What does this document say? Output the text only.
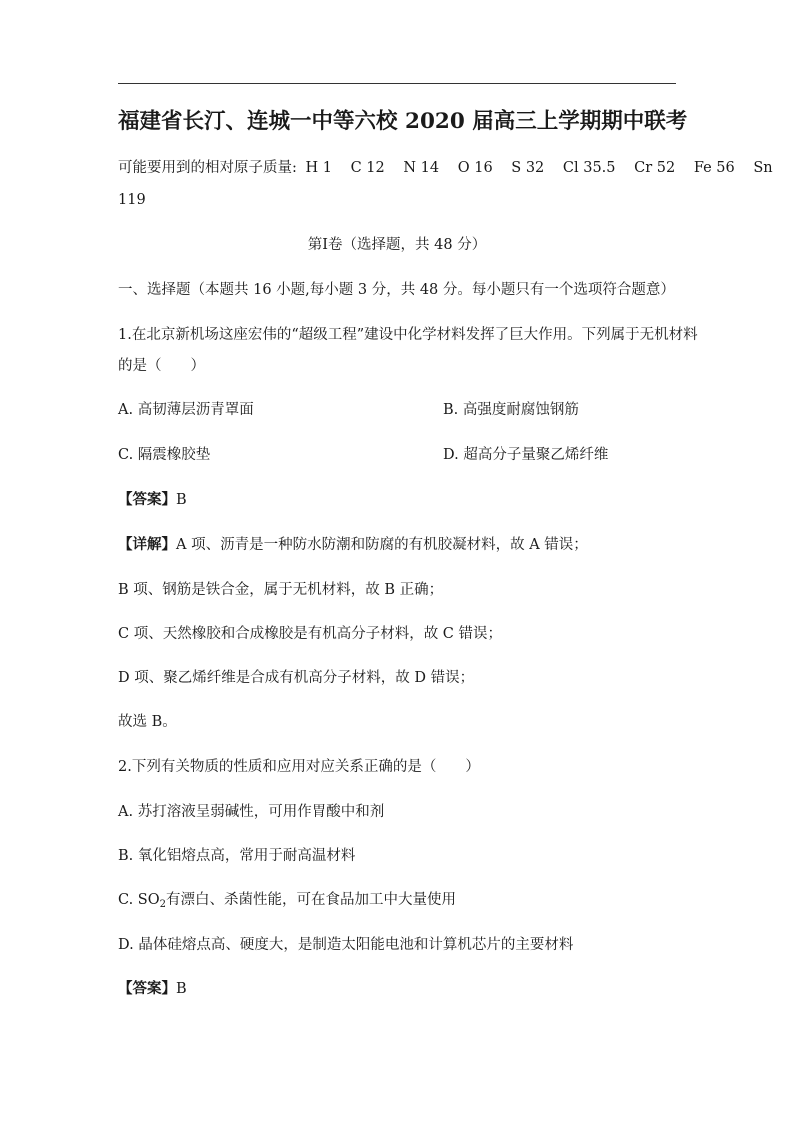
福建省长汀、连城一中等六校 2020 届高三上学期期中联考
可能要用到的相对原子质量: H 1 C 12 N 14 O 16 S 32 Cl 35.5 Cr 52 Fe 56 Sn
119
第Ⅰ卷（选择题，共 48 分）
一、选择题（本题共 16 小题,每小题 3 分，共 48 分。每小题只有一个选项符合题意）
1.在北京新机场这座宏伟的“超级工程”建设中化学材料发挥了巨大作用。下列属于无机材料
的是（　　）
A. 高韧薄层沥青罩面	B. 高强度耐腐蚀钢筋
C. 隔震橡胶垫	D. 超高分子量聚乙烯纤维
【答案】B
【详解】A 项、沥青是一种防水防潮和防腐的有机胶凝材料，故 A 错误；
B 项、钢筋是铁合金，属于无机材料，故 B 正确；
C 项、天然橡胶和合成橡胶是有机高分子材料，故 C 错误；
D 项、聚乙烯纤维是合成有机高分子材料，故 D 错误；
故选 B。
2.下列有关物质的性质和应用对应关系正确的是（　　）
A. 苏打溶液呈弱碱性，可用作胃酸中和剂
B. 氧化铝熔点高，常用于耐高温材料
C. $SO_2$有漂白、杀菌性能，可在食品加工中大量使用
D. 晶体硅熔点高、硬度大，是制造太阳能电池和计算机芯片的主要材料
【答案】B
